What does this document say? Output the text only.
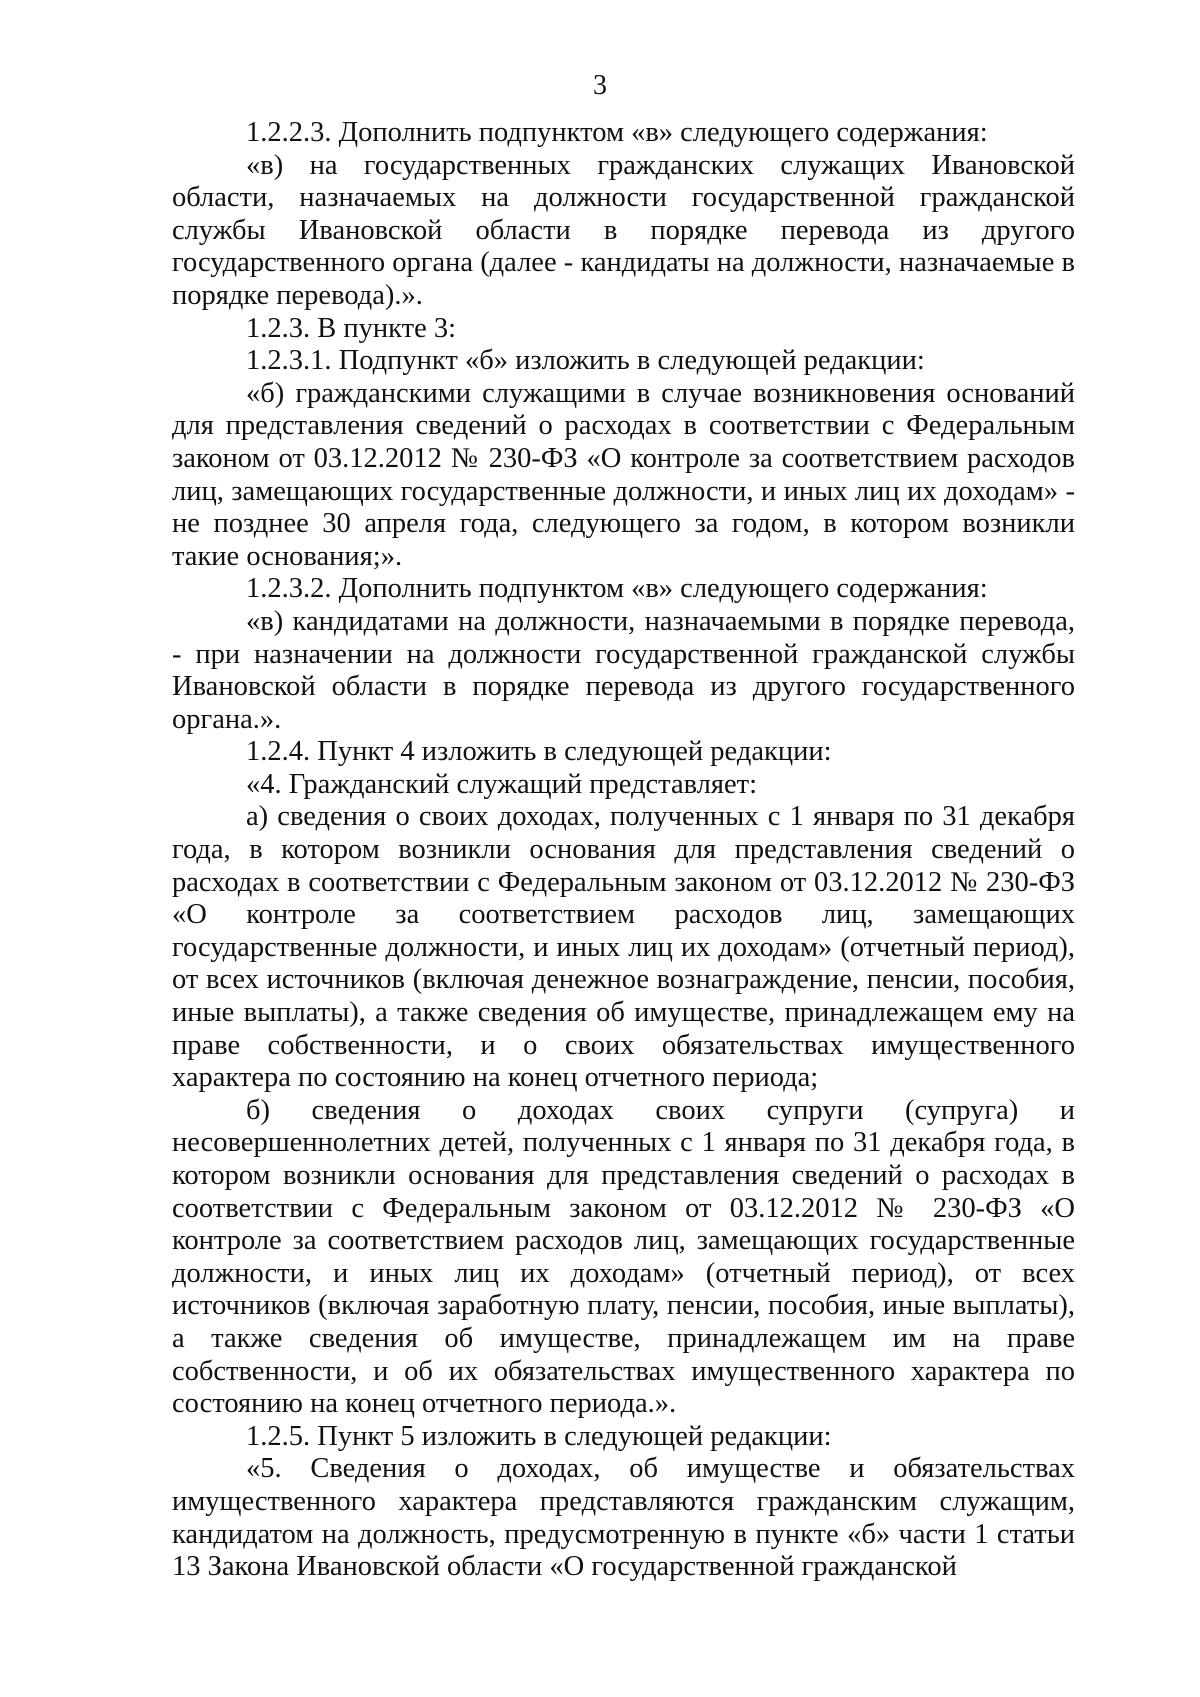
3

1.2.2.3. Дополнить подпунктом «в» следующего содержания:

«в) на государственных гражданских служащих Ивановской области, назначаемых на должности государственной гражданской службы Ивановской области в порядке перевода из другого государственного органа (далее - кандидаты на должности, назначаемые в порядке перевода).».

1.2.3. В пункте 3:

1.2.3.1. Подпункт «б» изложить в следующей редакции:

«б) гражданскими служащими в случае возникновения оснований для представления сведений о расходах в соответствии с Федеральным законом от 03.12.2012 № 230-ФЗ «О контроле за соответствием расходов лиц, замещающих государственные должности, и иных лиц их доходам» - не позднее 30 апреля года, следующего за годом, в котором возникли такие основания;».

1.2.3.2. Дополнить подпунктом «в» следующего содержания:

«в) кандидатами на должности, назначаемыми в порядке перевода, - при назначении на должности государственной гражданской службы Ивановской области в порядке перевода из другого государственного органа.».

1.2.4. Пункт 4 изложить в следующей редакции:

«4. Гражданский служащий представляет:

а) сведения о своих доходах, полученных с 1 января по 31 декабря года, в котором возникли основания для представления сведений о расходах в соответствии с Федеральным законом от 03.12.2012 № 230-ФЗ «О контроле за соответствием расходов лиц, замещающих государственные должности, и иных лиц их доходам» (отчетный период), от всех источников (включая денежное вознаграждение, пенсии, пособия, иные выплаты), а также сведения об имуществе, принадлежащем ему на праве собственности, и о своих обязательствах имущественного характера по состоянию на конец отчетного периода;

б) сведения о доходах своих супруги (супруга) и несовершеннолетних детей, полученных с 1 января по 31 декабря года, в котором возникли основания для представления сведений о расходах в соответствии с Федеральным законом от 03.12.2012 № 230-ФЗ «О контроле за соответствием расходов лиц, замещающих государственные должности, и иных лиц их доходам» (отчетный период), от всех источников (включая заработную плату, пенсии, пособия, иные выплаты), а также сведения об имуществе, принадлежащем им на праве собственности, и об их обязательствах имущественного характера по состоянию на конец отчетного периода.».

1.2.5. Пункт 5 изложить в следующей редакции:

«5. Сведения о доходах, об имуществе и обязательствах имущественного характера представляются гражданским служащим, кандидатом на должность, предусмотренную в пункте «б» части 1 статьи 13 Закона Ивановской области «О государственной гражданской
